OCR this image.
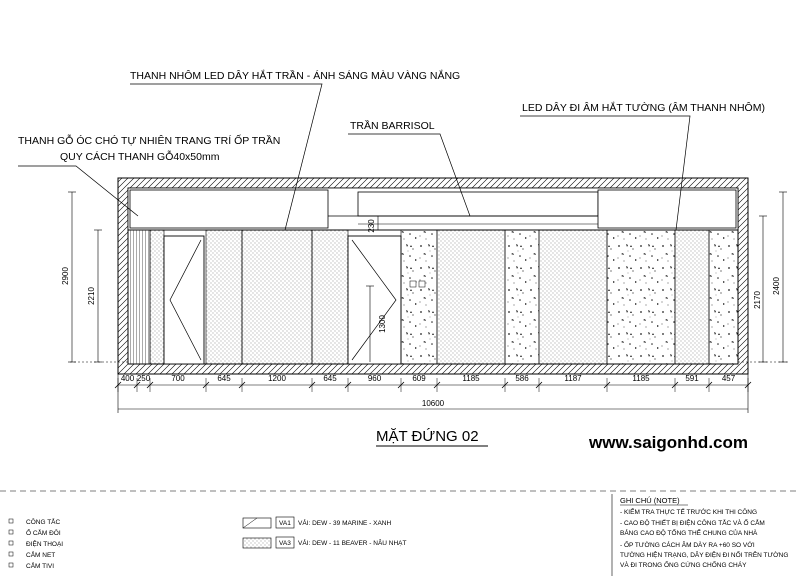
THANH NHÔM LED DÂY HẮT TRẦN - ÁNH SÁNG MÀU VÀNG NẮNG
TRẦN BARRISOL
LED DÂY ĐI ÂM HẮT TƯỜNG (ÂM THANH NHÔM)
THANH GỖ ÓC CHÓ TỰ NHIÊN TRANG TRÍ ỐP TRẦN
QUY CÁCH THANH GỖ40x50mm
2900
2210
1300
230
2170
2400
400 250	700	645	1200	645	960	609	1185	586	1187	1185	591	457
10600
MẶT ĐỨNG 02	www.saigonhd.com
CÔNG TẮC
Ổ CẮM ĐÔI
ĐIỆN THOẠI
CẮM NET
CẮM TIVI
VA1 VẢI: DEW - 39 MARINE - XANH
VA3 VẢI: DEW - 11 BEAVER - NÂU NHẠT
GHI CHÚ (NOTE)
- KIỂM TRA THỰC TẾ TRƯỚC KHI THI CÔNG
- CAO ĐỘ THIẾT BỊ ĐIỆN CÔNG TẮC VÀ Ổ CẮM
BẢNG CAO ĐỘ TỔNG THỂ CHUNG CỦA NHÀ
- ỐP TƯỜNG CÁCH ÂM DÀY RA +60 SO VỚI
TƯỜNG HIỆN TRẠNG, DÂY ĐIỆN ĐI NỔI TRÊN TƯỜNG
VÀ ĐI TRONG ỐNG CỨNG CHỐNG CHÁY
